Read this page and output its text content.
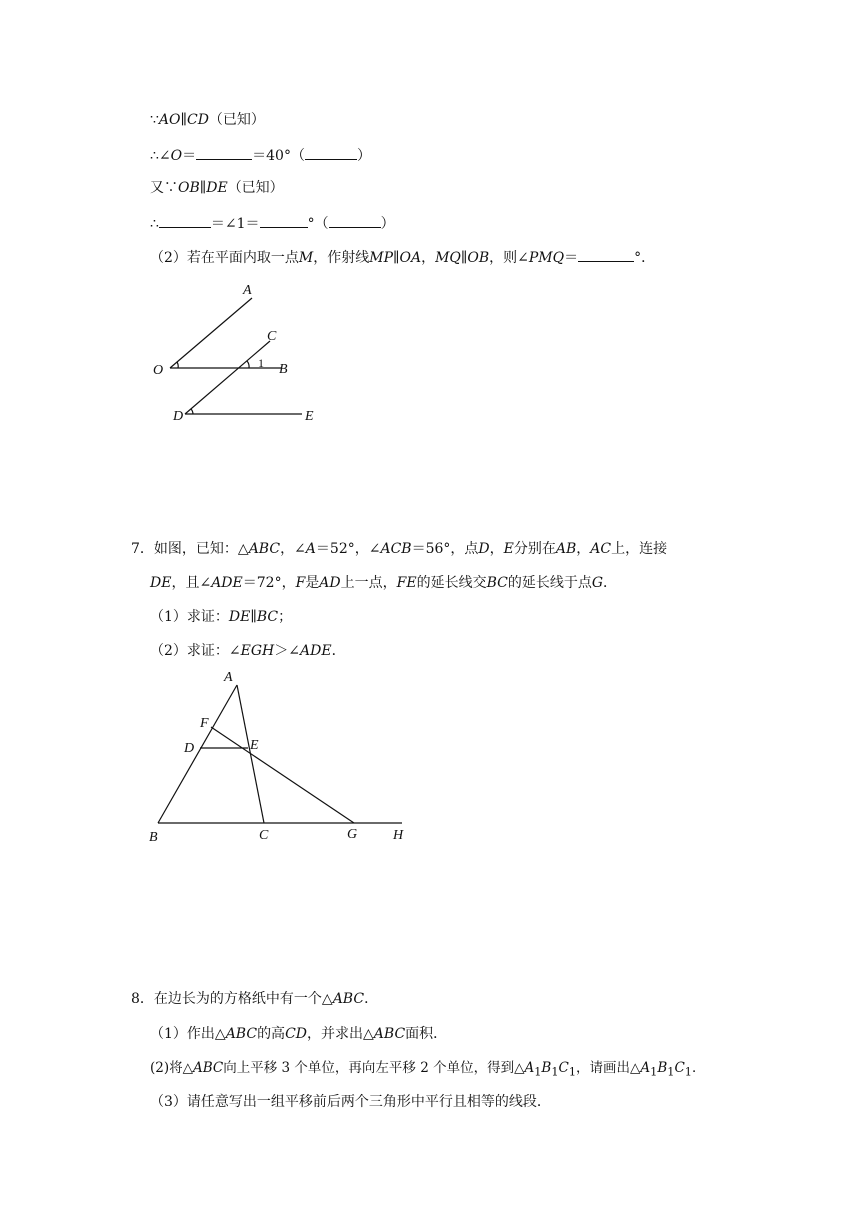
∵AO∥CD（已知）
∴∠O＝	＝40°（	）
又∵OB∥DE（已知）
∴	＝∠1＝	°（	）
（2）若在平面内取一点M，作射线MP∥OA，MQ∥OB，则∠PMQ＝	°．
A
C
O	1 B
D	E
7．如图，已知：△ABC，∠A＝52°，∠ACB＝56°，点D，E分别在AB，AC上，连接
DE，且∠ADE＝72°，F是AD上一点，FE的延长线交BC的延长线于点G．
（1）求证：DE∥BC；
（2）求证：∠EGH＞∠ADE．
A
F
D	E
B	C	G	H
8．在边长为的方格纸中有一个△ABC．
（1）作出△ABC的高CD，并求出△ABC面积．
(2)将△ABC向上平移 3 个单位，再向左平移 2 个单位，得到$\triangle A_1B_1C_1$，请画出$\triangle A_1B_1C_1$．
（3）请任意写出一组平移前后两个三角形中平行且相等的线段．
